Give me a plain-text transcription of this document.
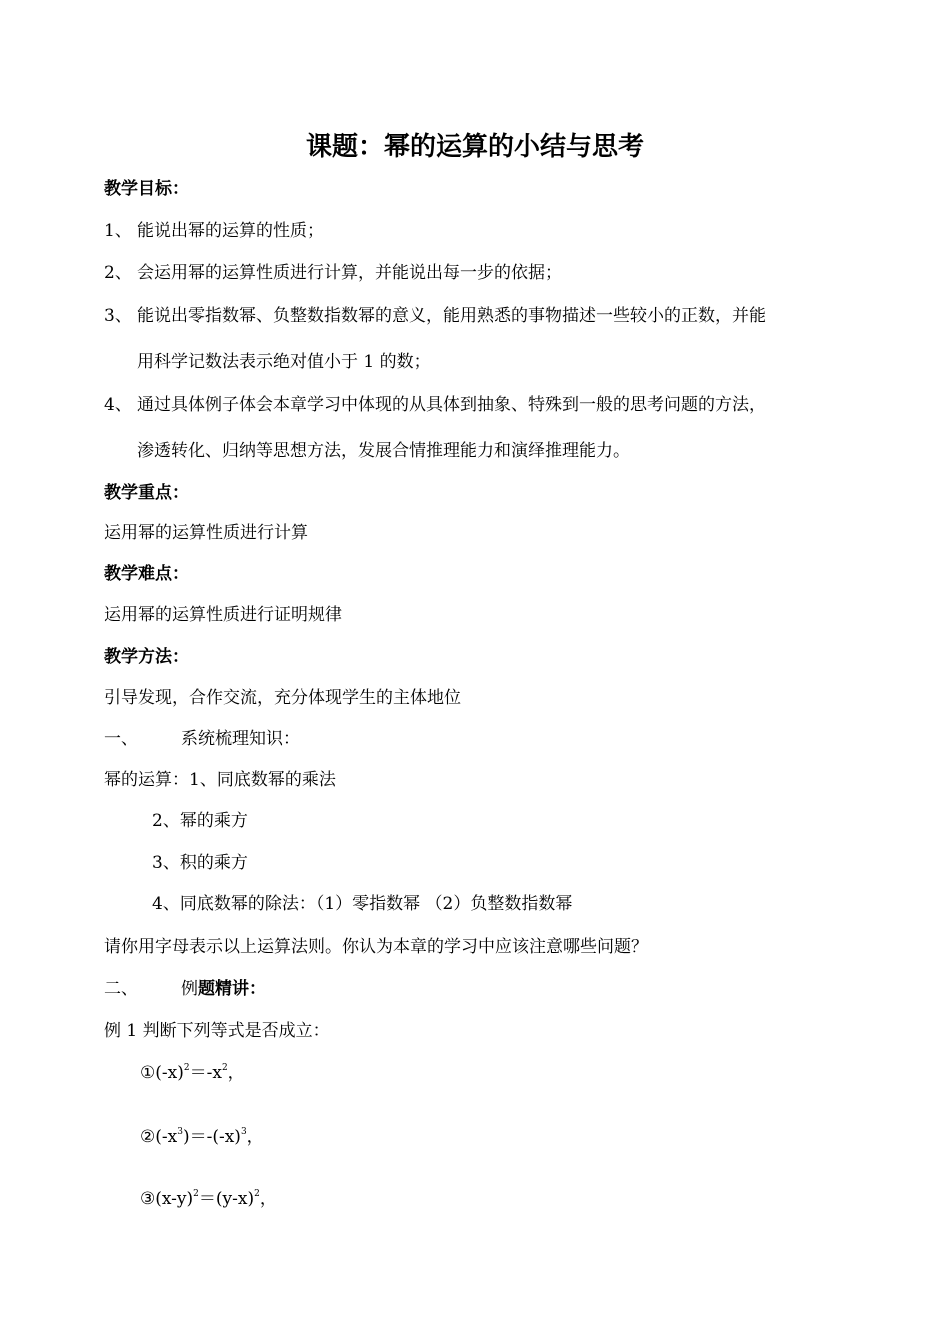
课题：幂的运算的小结与思考
教学目标：
1、 能说出幂的运算的性质；
2、 会运用幂的运算性质进行计算，并能说出每一步的依据；
3、 能说出零指数幂、负整数指数幂的意义，能用熟悉的事物描述一些较小的正数，并能
用科学记数法表示绝对值小于 1 的数；
4、 通过具体例子体会本章学习中体现的从具体到抽象、特殊到一般的思考问题的方法，
渗透转化、归纳等思想方法，发展合情推理能力和演绎推理能力。
教学重点：
运用幂的运算性质进行计算
教学难点：
运用幂的运算性质进行证明规律
教学方法：
引导发现，合作交流，充分体现学生的主体地位
一、	系统梳理知识：
幂的运算：1、同底数幂的乘法
2、幂的乘方
3、积的乘方
4、同底数幂的除法：（1）零指数幂 （2）负整数指数幂
请你用字母表示以上运算法则。你认为本章的学习中应该注意哪些问题？
二、	例题精讲：
例 1 判断下列等式是否成立：
$①(-x)^2=-x^2$，
$②(-x^3)=-(-x)^3$，
$③(x-y)^2=(y-x)^2$，
